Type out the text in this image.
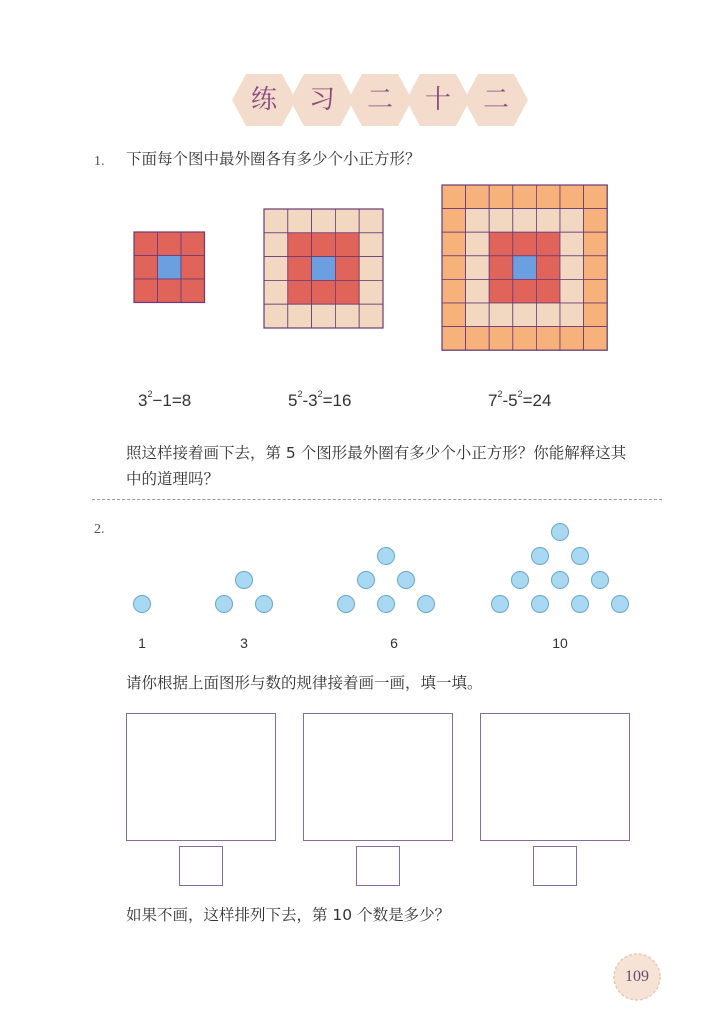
练	习	二	十	二
1. 下面每个图中最外圈各有多少个小正方形？
$3^2-1=8$	$5^2-3^2=16$	$7^2-5^2=24$
照这样接着画下去，第 5 个图形最外圈有多少个小正方形？你能解释这其
中的道理吗？
2.
1	3	6	10
请你根据上面图形与数的规律接着画一画，填一填。
如果不画，这样排列下去，第 10 个数是多少？
109
